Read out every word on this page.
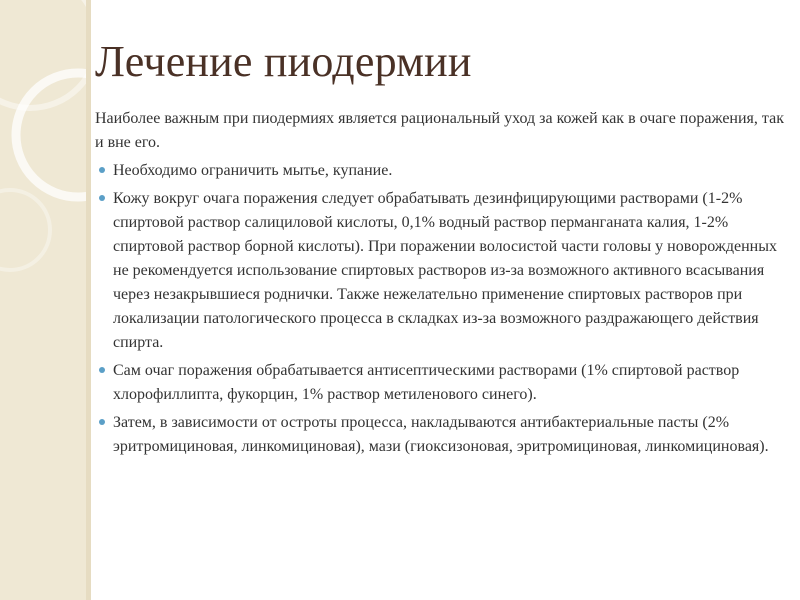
Лечение пиодермии

Наиболее важным при пиодермиях является рациональный уход за кожей как в очаге поражения, так и вне его.

Необходимо ограничить мытье, купание.
Кожу вокруг очага поражения следует обрабатывать дезинфицирующими растворами (1-2% спиртовой раствор салициловой кислоты, 0,1% водный раствор перманганата калия, 1-2% спиртовой раствор борной кислоты). При поражении волосистой части головы у новорожденных не рекомендуется использование спиртовых растворов из-за возможного активного всасывания через незакрывшиеся роднички. Также нежелательно применение спиртовых растворов при локализации патологического процесса в складках из-за возможного раздражающего действия спирта.
Сам очаг поражения обрабатывается антисептическими растворами (1% спиртовой раствор хлорофиллипта, фукорцин, 1% раствор метиленового синего).
Затем, в зависимости от остроты процесса, накладываются антибактериальные пасты (2% эритромициновая, линкомициновая), мази (гиоксизоновая, эритромициновая, линкомициновая).
